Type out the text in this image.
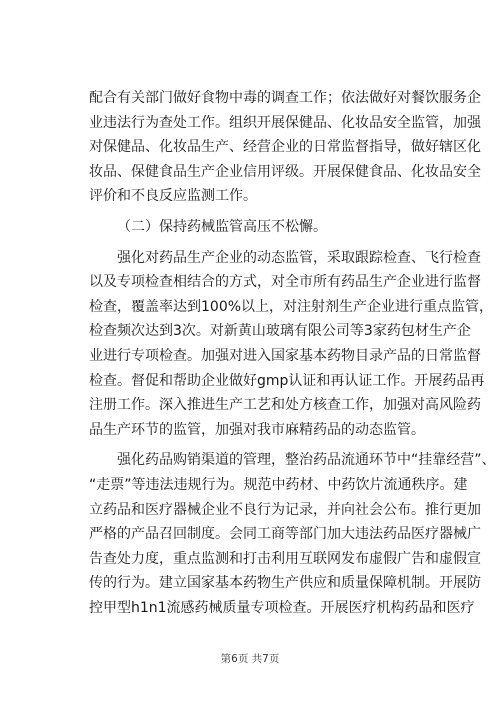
配合有关部门做好食物中毒的调查工作；依法做好对餐饮服务企
业违法行为查处工作。组织开展保健品、化妆品安全监管，加强
对保健品、化妆品生产、经营企业的日常监督指导，做好辖区化
妆品、保健食品生产企业信用评级。开展保健食品、化妆品安全
评价和不良反应监测工作。
（二）保持药械监管高压不松懈。
强化对药品生产企业的动态监管，采取跟踪检查、飞行检查
以及专项检查相结合的方式，对全市所有药品生产企业进行监督
检查，覆盖率达到100%以上，对注射剂生产企业进行重点监管，
检查频次达到3次。对新黄山玻璃有限公司等3家药包材生产企
业进行专项检查。加强对进入国家基本药物目录产品的日常监督
检查。督促和帮助企业做好gmp认证和再认证工作。开展药品再
注册工作。深入推进生产工艺和处方核查工作，加强对高风险药
品生产环节的监管，加强对我市麻精药品的动态监管。
强化药品购销渠道的管理，整治药品流通环节中“挂靠经营”、
“走票”等违法违规行为。规范中药材、中药饮片流通秩序。建
立药品和医疗器械企业不良行为记录，并向社会公布。推行更加
严格的产品召回制度。会同工商等部门加大违法药品医疗器械广
告查处力度，重点监测和打击利用互联网发布虚假广告和虚假宣
传的行为。建立国家基本药物生产供应和质量保障机制。开展防
控甲型h1n1流感药械质量专项检查。开展医疗机构药品和医疗
第6页 共7页
